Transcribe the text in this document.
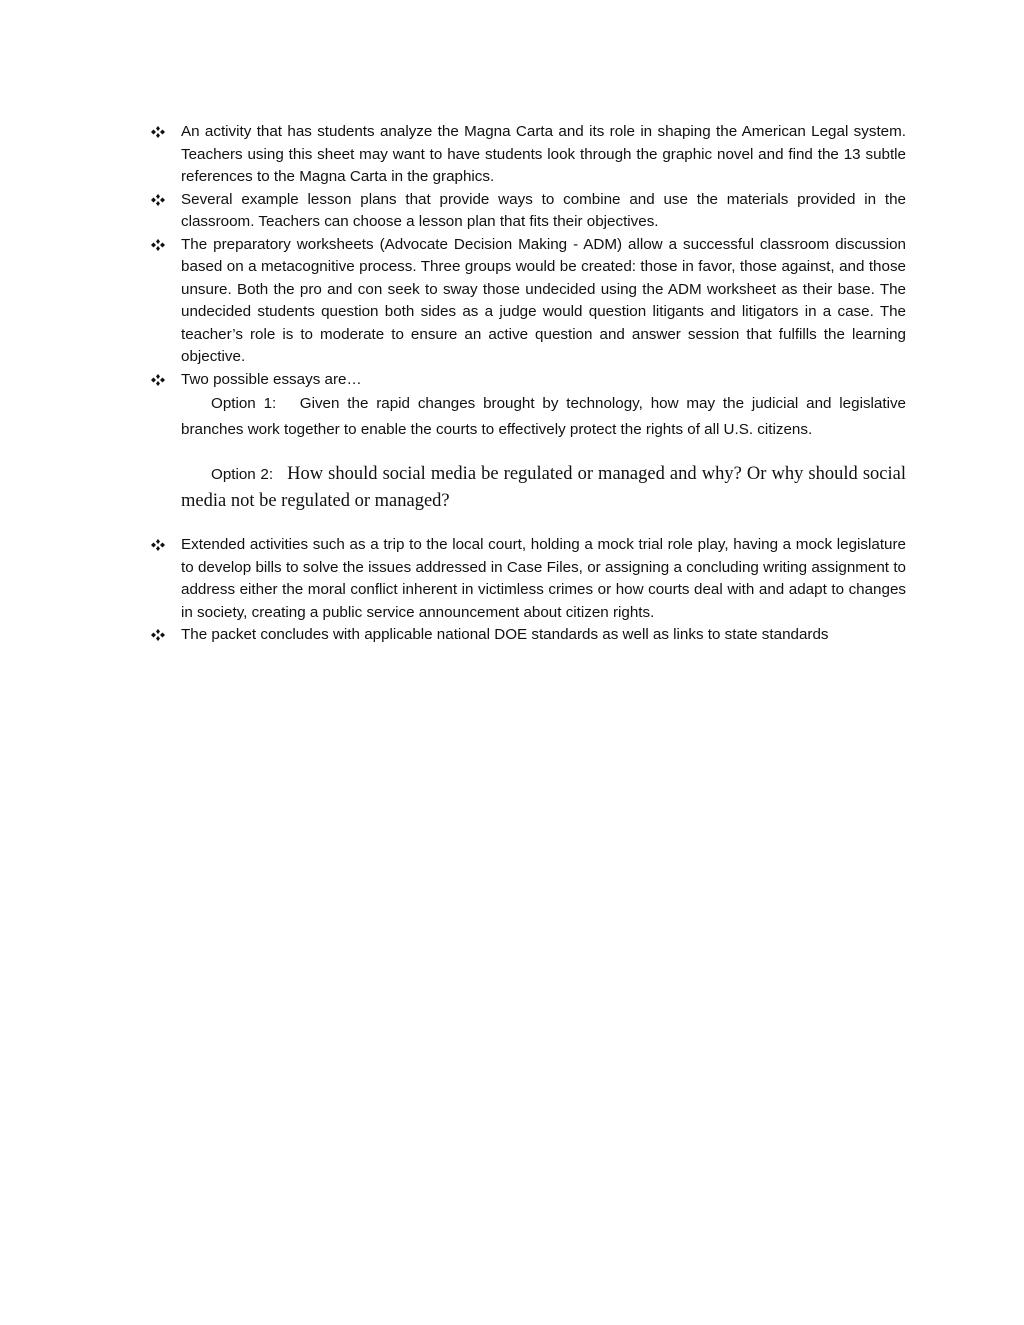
An activity that has students analyze the Magna Carta and its role in shaping the American Legal system. Teachers using this sheet may want to have students look through the graphic novel and find the 13 subtle references to the Magna Carta in the graphics.
Several example lesson plans that provide ways to combine and use the materials provided in the classroom. Teachers can choose a lesson plan that fits their objectives.
The preparatory worksheets (Advocate Decision Making - ADM) allow a successful classroom discussion based on a metacognitive process. Three groups would be created: those in favor, those against, and those unsure. Both the pro and con seek to sway those undecided using the ADM worksheet as their base. The undecided students question both sides as a judge would question litigants and litigators in a case. The teacher’s role is to moderate to ensure an active question and answer session that fulfills the learning objective.
Two possible essays are…
Option 1: Given the rapid changes brought by technology, how may the judicial and legislative branches work together to enable the courts to effectively protect the rights of all U.S. citizens.
Option 2: How should social media be regulated or managed and why? Or why should social media not be regulated or managed?
Extended activities such as a trip to the local court, holding a mock trial role play, having a mock legislature to develop bills to solve the issues addressed in Case Files, or assigning a concluding writing assignment to address either the moral conflict inherent in victimless crimes or how courts deal with and adapt to changes in society, creating a public service announcement about citizen rights.
The packet concludes with applicable national DOE standards as well as links to state standards
